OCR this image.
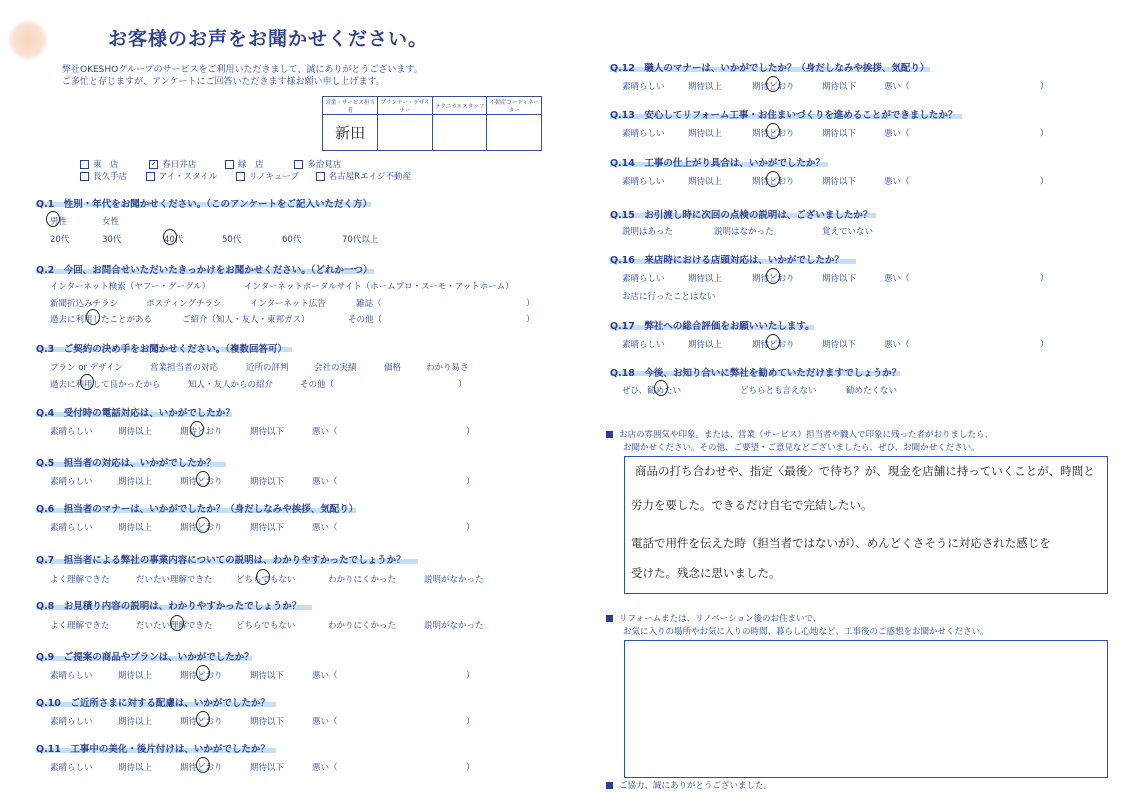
お客様のお声をお聞かせください。
弊社OKESHOグループのサービスをご利用いただきまして、誠にありがとうございます。
ご多忙と存じますが、アンケートにご回答いただきます様お願い申し上げます。
営業・サービス担当者	プランナー・デザイナー	テクニカルスタッフ	不動産コーディネーター
新田			
東　店	✓ 春日井店	緑　店	多治見店
長久手店	アイ・スタイル	リノキューブ	名古屋Rエイジ不動産
Q.1　性別・年代をお聞かせください。（このアンケートをご記入いただく方）
男性	女性
20代	30代	40代	50代	60代	70代以上
Q.2　今回、お問合せいただいたきっかけをお聞かせください。（どれか一つ）
インターネット検索（ヤフー・グーグル）	インターネットポータルサイト（ホームプロ・スーモ・アットホーム）
新聞折込みチラシ	ポスティングチラシ	インターネット広告	雑誌（	）
過去に利用したことがある	ご紹介（知人・友人・東邦ガス）	その他（	）
Q.3　ご契約の決め手をお聞かせください。（複数回答可）
プラン or デザイン	営業担当者の対応	近所の評判	会社の実績	価格	わかり易さ
過去に利用して良かったから	知人・友人からの紹介	その他（	）
Q.4　受付時の電話対応は、いかがでしたか？
素晴らしい	期待以上	期待どおり	期待以下	悪い（	）
Q.5　担当者の対応は、いかがでしたか？
素晴らしい	期待以上	期待どおり	期待以下	悪い（	）
Q.6　担当者のマナーは、いかがでしたか？（身だしなみや挨拶、気配り）
素晴らしい	期待以上	期待どおり	期待以下	悪い（	）
Q.9　ご提案の商品やプランは、いかがでしたか？
素晴らしい	期待以上	期待どおり	期待以下	悪い（	）
Q.10　ご近所さまに対する配慮は、いかがでしたか？
素晴らしい	期待以上	期待どおり	期待以下	悪い（	）
Q.11　工事中の美化・後片付けは、いかがでしたか？
素晴らしい	期待以上	期待どおり	期待以下	悪い（	）
Q.12　職人のマナーは、いかがでしたか？（身だしなみや挨拶、気配り）
素晴らしい	期待以上	期待どおり	期待以下	悪い（	）
Q.13　安心してリフォーム工事・お住まいづくりを進めることができましたか？
素晴らしい	期待以上	期待どおり	期待以下	悪い（	）
Q.14　工事の仕上がり具合は、いかがでしたか？
素晴らしい	期待以上	期待どおり	期待以下	悪い（	）
Q.16　来店時における店頭対応は、いかがでしたか？
素晴らしい	期待以上	期待どおり	期待以下	悪い（	）
Q.17　弊社への総合評価をお願いいたします。
素晴らしい	期待以上	期待どおり	期待以下	悪い（	）
Q.7　担当者による弊社の事業内容についての説明は、わかりやすかったでしょうか？
よく理解できた	だいたい理解できた	どちらでもない	わかりにくかった	説明がなかった
Q.8　お見積り内容の説明は、わかりやすかったでしょうか？
よく理解できた	だいたい理解できた	どちらでもない	わかりにくかった	説明がなかった
Q.15　お引渡し時に次回の点検の説明は、ございましたか？
説明はあった	説明はなかった	覚えていない
お店に行ったことはない
Q.18　今後、お知り合いに弊社を勧めていただけますでしょうか？
ぜひ、勧めたい	どちらとも言えない	勧めたくない
お店の雰囲気や印象。または、営業（サービス）担当者や職人で印象に残った者がおりましたら、
お聞かせください。その他、ご要望・ご意見などございましたら、ぜひ、お聞かせください。
商品の打ち合わせや、指定〈最後〉で待ち？が、現金を店舗に持っていくことが、時間と
労力を要した。できるだけ自宅で完結したい。
電話で用件を伝えた時（担当者ではないが）、めんどくさそうに対応された感じを
受けた。残念に思いました。
リフォームまたは、リノベーション後のお住まいで、
お気に入りの場所やお気に入りの時間、暮らし心地など、工事後のご感想をお聞かせください。
ご協力、誠にありがとうございました。
